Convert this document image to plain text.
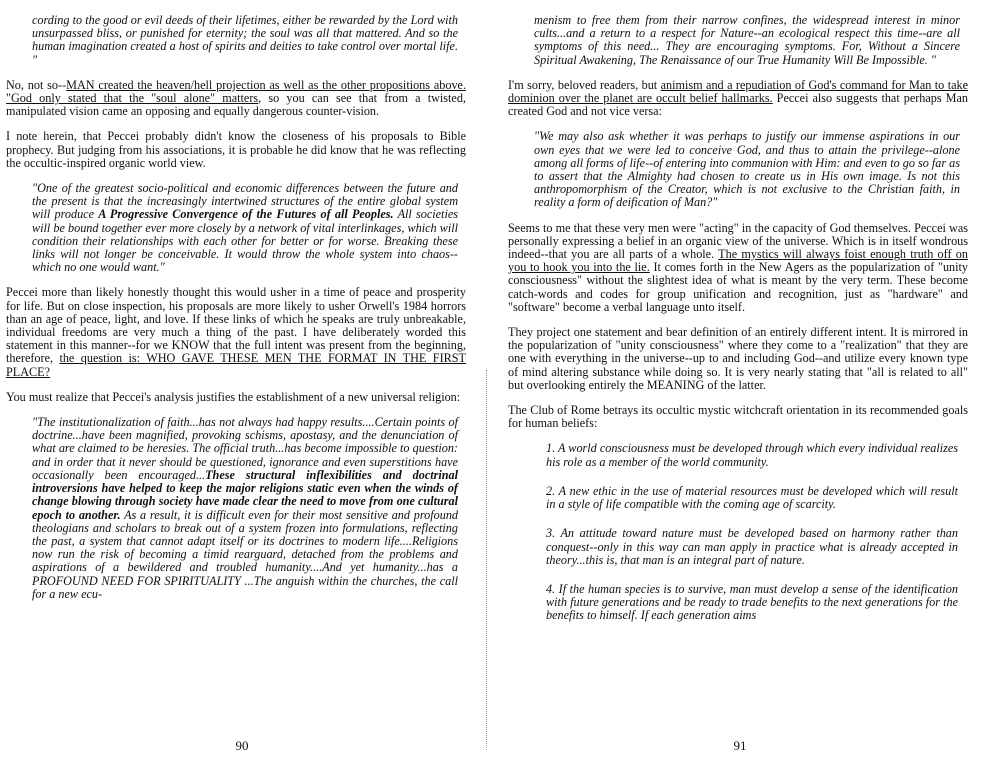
cording to the good or evil deeds of their lifetimes, either be rewarded by the Lord with unsurpassed bliss, or punished for eternity; the soul was all that mattered. And so the human imagination created a host of spirits and deities to take control over mortal life. "

No, not so--MAN created the heaven/hell projection as well as the other propositions above. "God only stated that the "soul alone" matters, so you can see that from a twisted, manipulated vision came an opposing and equally dangerous counter-vision.

I note herein, that Peccei probably didn't know the closeness of his proposals to Bible prophecy. But judging from his associations, it is probable he did know that he was reflecting the occultic-inspired organic world view.

"One of the greatest socio-political and economic differences between the future and the present is that the increasingly intertwined structures of the entire global system will produce A Progressive Convergence of the Futures of all Peoples. All societies will be bound together ever more closely by a network of vital interlinkages, which will condition their relationships with each other for better or for worse. Breaking these links will not longer be conceivable. It would throw the whole system into chaos--which no one would want."

Peccei more than likely honestly thought this would usher in a time of peace and prosperity for life. But on close inspection, his proposals are more likely to usher Orwell's 1984 horrors than an age of peace, light, and love. If these links of which he speaks are truly unbreakable, individual freedoms are very much a thing of the past. I have deliberately worded this statement in this manner--for we KNOW that the full intent was present from the beginning, therefore, the question is: WHO GAVE THESE MEN THE FORMAT IN THE FIRST PLACE?

You must realize that Peccei's analysis justifies the establishment of a new universal religion:

"The institutionalization of faith...has not always had happy results....Certain points of doctrine...have been magnified, provoking schisms, apostasy, and the denunciation of what are claimed to be heresies. The official truth...has become impossible to question: and in order that it never should be questioned, ignorance and even superstitions have occasionally been encouraged...These structural inflexibilities and doctrinal introversions have helped to keep the major religions static even when the winds of change blowing through society have made clear the need to move from one cultural epoch to another. As a result, it is difficult even for their most sensitive and profound theologians and scholars to break out of a system frozen into formulations, reflecting the past, a system that cannot adapt itself or its doctrines to modern life....Religions now run the risk of becoming a timid rearguard, detached from the problems and aspirations of a bewildered and troubled humanity....And yet humanity...has a PROFOUND NEED FOR SPIRITUALITY ...The anguish within the churches, the call for a new ecu-
90
menism to free them from their narrow confines, the widespread interest in minor cults...and a return to a respect for Nature--an ecological respect this time--are all symptoms of this need... They are encouraging symptoms. For, Without a Sincere Spiritual Awakening, The Renaissance of our True Humanity Will Be Impossible. "

I'm sorry, beloved readers, but animism and a repudiation of God's command for Man to take dominion over the planet are occult belief hallmarks. Peccei also suggests that perhaps Man created God and not vice versa:

"We may also ask whether it was perhaps to justify our immense aspirations in our own eyes that we were led to conceive God, and thus to attain the privilege--alone among all forms of life--of entering into communion with Him: and even to go so far as to assert that the Almighty had chosen to create us in His own image. Is not this anthropomorphism of the Creator, which is not exclusive to the Christian faith, in reality a form of deification of Man?"

Seems to me that these very men were "acting" in the capacity of God themselves. Peccei was personally expressing a belief in an organic view of the universe. Which is in itself wondrous indeed--that you are all parts of a whole. The mystics will always foist enough truth off on you to hook you into the lie. It comes forth in the New Agers as the popularization of "unity consciousness" without the slightest idea of what is meant by the very term. These become catch-words and codes for group unification and recognition, just as "hardware" and "software" become a verbal language unto itself.

They project one statement and bear definition of an entirely different intent. It is mirrored in the popularization of "unity consciousness" where they come to a "realization" that they are one with everything in the universe--up to and including God--and utilize every known type of mind altering substance while doing so. It is very nearly stating that "all is related to all" but overlooking entirely the MEANING of the latter.

The Club of Rome betrays its occultic mystic witchcraft orientation in its recommended goals for human beliefs:

1. A world consciousness must be developed through which every individual realizes his role as a member of the world community.
2. A new ethic in the use of material resources must be developed which will result in a style of life compatible with the coming age of scarcity.
3. An attitude toward nature must be developed based on harmony rather than conquest--only in this way can man apply in practice what is already accepted in theory...this is, that man is an integral part of nature.
4. If the human species is to survive, man must develop a sense of the identification with future generations and be ready to trade benefits to the next generations for the benefits to himself. If each generation aims
91
